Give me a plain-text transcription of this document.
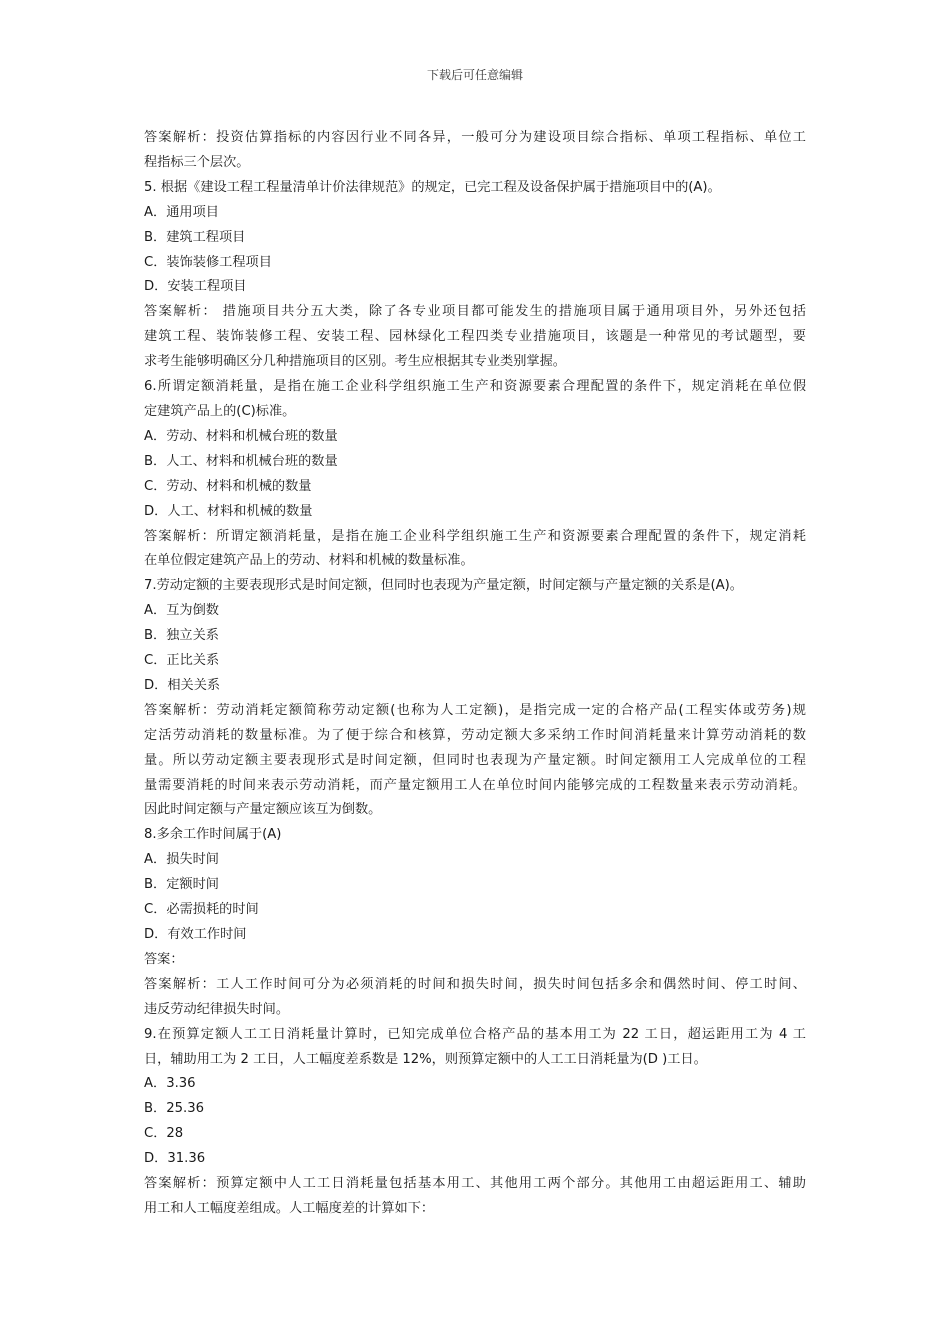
下载后可任意编辑
答案解析：投资估算指标的内容因行业不同各异，一般可分为建设项目综合指标、单项工程指标、单位工
程指标三个层次。
5. 根据《建设工程工程量清单计价法律规范》的规定，已完工程及设备保护属于措施项目中的(A)。
A．通用项目
B．建筑工程项目
C．装饰装修工程项目
D．安装工程项目
答案解析： 措施项目共分五大类，除了各专业项目都可能发生的措施项目属于通用项目外，另外还包括
建筑工程、装饰装修工程、安装工程、园林绿化工程四类专业措施项目，该题是一种常见的考试题型，要
求考生能够明确区分几种措施项目的区别。考生应根据其专业类别掌握。
6.所谓定额消耗量，是指在施工企业科学组织施工生产和资源要素合理配置的条件下，规定消耗在单位假
定建筑产品上的(C)标准。
A．劳动、材料和机械台班的数量
B．人工、材料和机械台班的数量
C．劳动、材料和机械的数量
D．人工、材料和机械的数量
答案解析：所谓定额消耗量，是指在施工企业科学组织施工生产和资源要素合理配置的条件下，规定消耗
在单位假定建筑产品上的劳动、材料和机械的数量标准。
7.劳动定额的主要表现形式是时间定额，但同时也表现为产量定额，时间定额与产量定额的关系是(A)。
A．互为倒数
B．独立关系
C．正比关系
D．相关关系
答案解析：劳动消耗定额简称劳动定额(也称为人工定额)，是指完成一定的合格产品(工程实体或劳务)规
定活劳动消耗的数量标准。为了便于综合和核算，劳动定额大多采纳工作时间消耗量来计算劳动消耗的数
量。所以劳动定额主要表现形式是时间定额，但同时也表现为产量定额。时间定额用工人完成单位的工程
量需要消耗的时间来表示劳动消耗，而产量定额用工人在单位时间内能够完成的工程数量来表示劳动消耗。
因此时间定额与产量定额应该互为倒数。
8.多余工作时间属于(A)
A．损失时间
B．定额时间
C．必需损耗的时间
D．有效工作时间
答案：
答案解析：工人工作时间可分为必须消耗的时间和损失时间，损失时间包括多余和偶然时间、停工时间、
违反劳动纪律损失时间。
9.在预算定额人工工日消耗量计算时，已知完成单位合格产品的基本用工为 22 工日，超运距用工为 4 工
日，辅助用工为 2 工日，人工幅度差系数是 12%，则预算定额中的人工工日消耗量为(D )工日。
A．3.36
B．25.36
C．28
D．31.36
答案解析：预算定额中人工工日消耗量包括基本用工、其他用工两个部分。其他用工由超运距用工、辅助
用工和人工幅度差组成。人工幅度差的计算如下：
